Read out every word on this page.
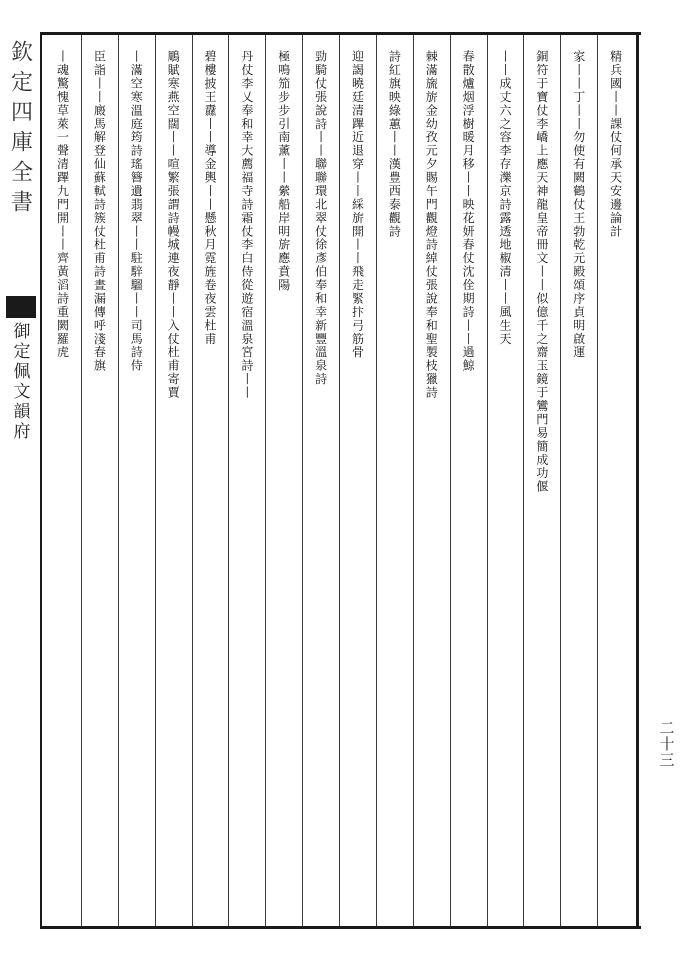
欽定四庫全書
御定佩文韻府
二十三
精兵國丨丨課仗何承天安邊論計
家丨丨丁丨丨勿使有闕鶴仗王勃乾元殿頌序貞明啟運
銅符于寶仗李嶠上應天神龍皇帝冊文丨丨似億千之齋玉鏡于鸞門易簡成功偃
丨丨成丈六之容李存濼京詩露透地椒清丨丨風生天
春散爐烟浮樹暖月移丨丨映花妍春仗沈佺期詩丨丨過鯨
棘滿旒旂金幼孜元夕賜午門觀燈詩綽仗張說奉和聖製枝獵詩
詩紅旗映綠蕙丨丨漢豊西泰觀詩
迎謁曉廷清蹕近退穿丨丨綵旂開丨丨飛走緊抃弓筋骨
勁騎仗張說詩丨丨聯聯環北翠仗徐彥伯奉和幸新豐溫泉詩
極鳴笳步步引南薰丨丨縈船岸明旂應賁陽
丹仗李乂奉和幸大薦福寺詩霜仗李白侍從遊宿溫泉宮詩丨丨
碧樓披王纛丨丨導金輿丨丨懸秋月霓旌卷夜雲杜甫
鵰賦寒燕空闊丨丨喧繁張謂詩幔城連夜靜丨丨入仗杜甫寄賈
丨滿空寒溫庭筠詩瑤簪遺翡翠丨丨駐騂騮丨丨司馬詩侍
臣詣丨丨廄馬解登仙蘇軾詩簇仗杜甫詩晝漏傳呼淺春旗
丨魂驚愧草萊一聲清蹕九門開丨丨齊黃滔詩重闕羅虎
